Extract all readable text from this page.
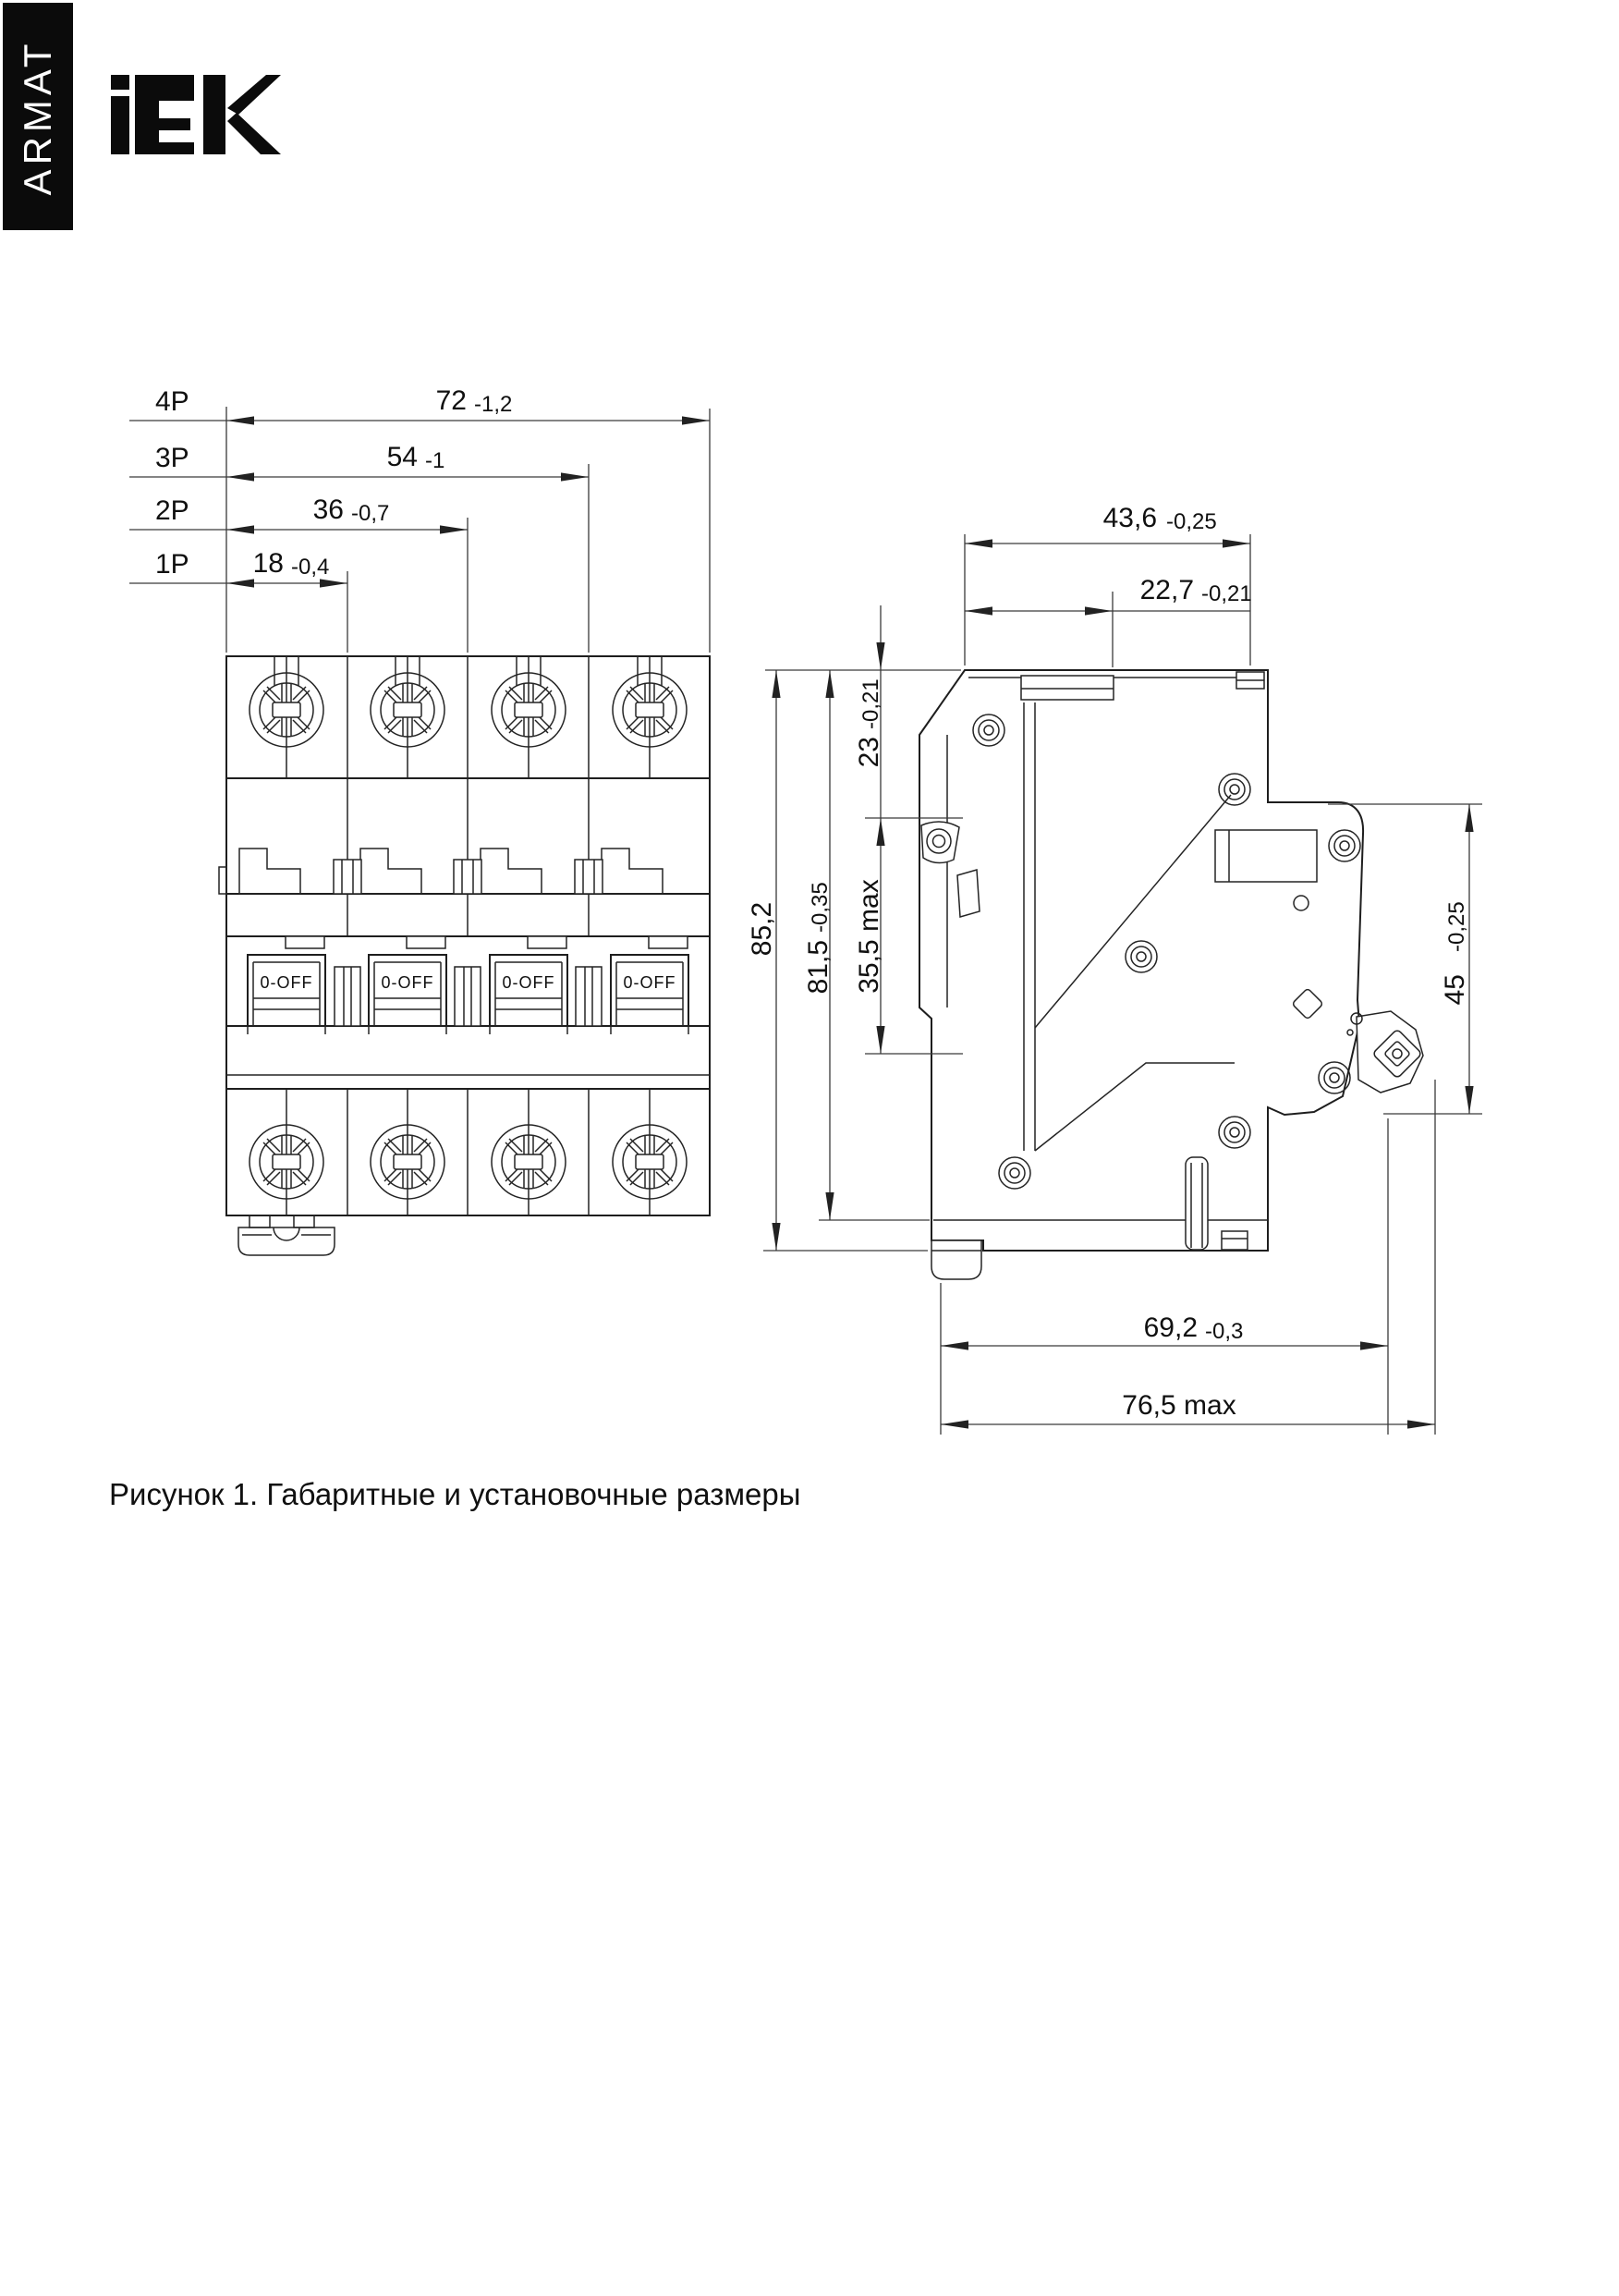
ARMAT
4P	72 -1,2
3P	54 -1
2P	36 -0,7
1P 18 -0,4
0-OFF	0-OFF	0-OFF	0-OFF
43,6 -0,25
22,7 -0,21
85,2
81,5
-0,35
23
-0,21
35,5 max	45
-0,25
69,2 -0,3
76,5 max
Рисунок 1. Габаритные и установочные размеры
